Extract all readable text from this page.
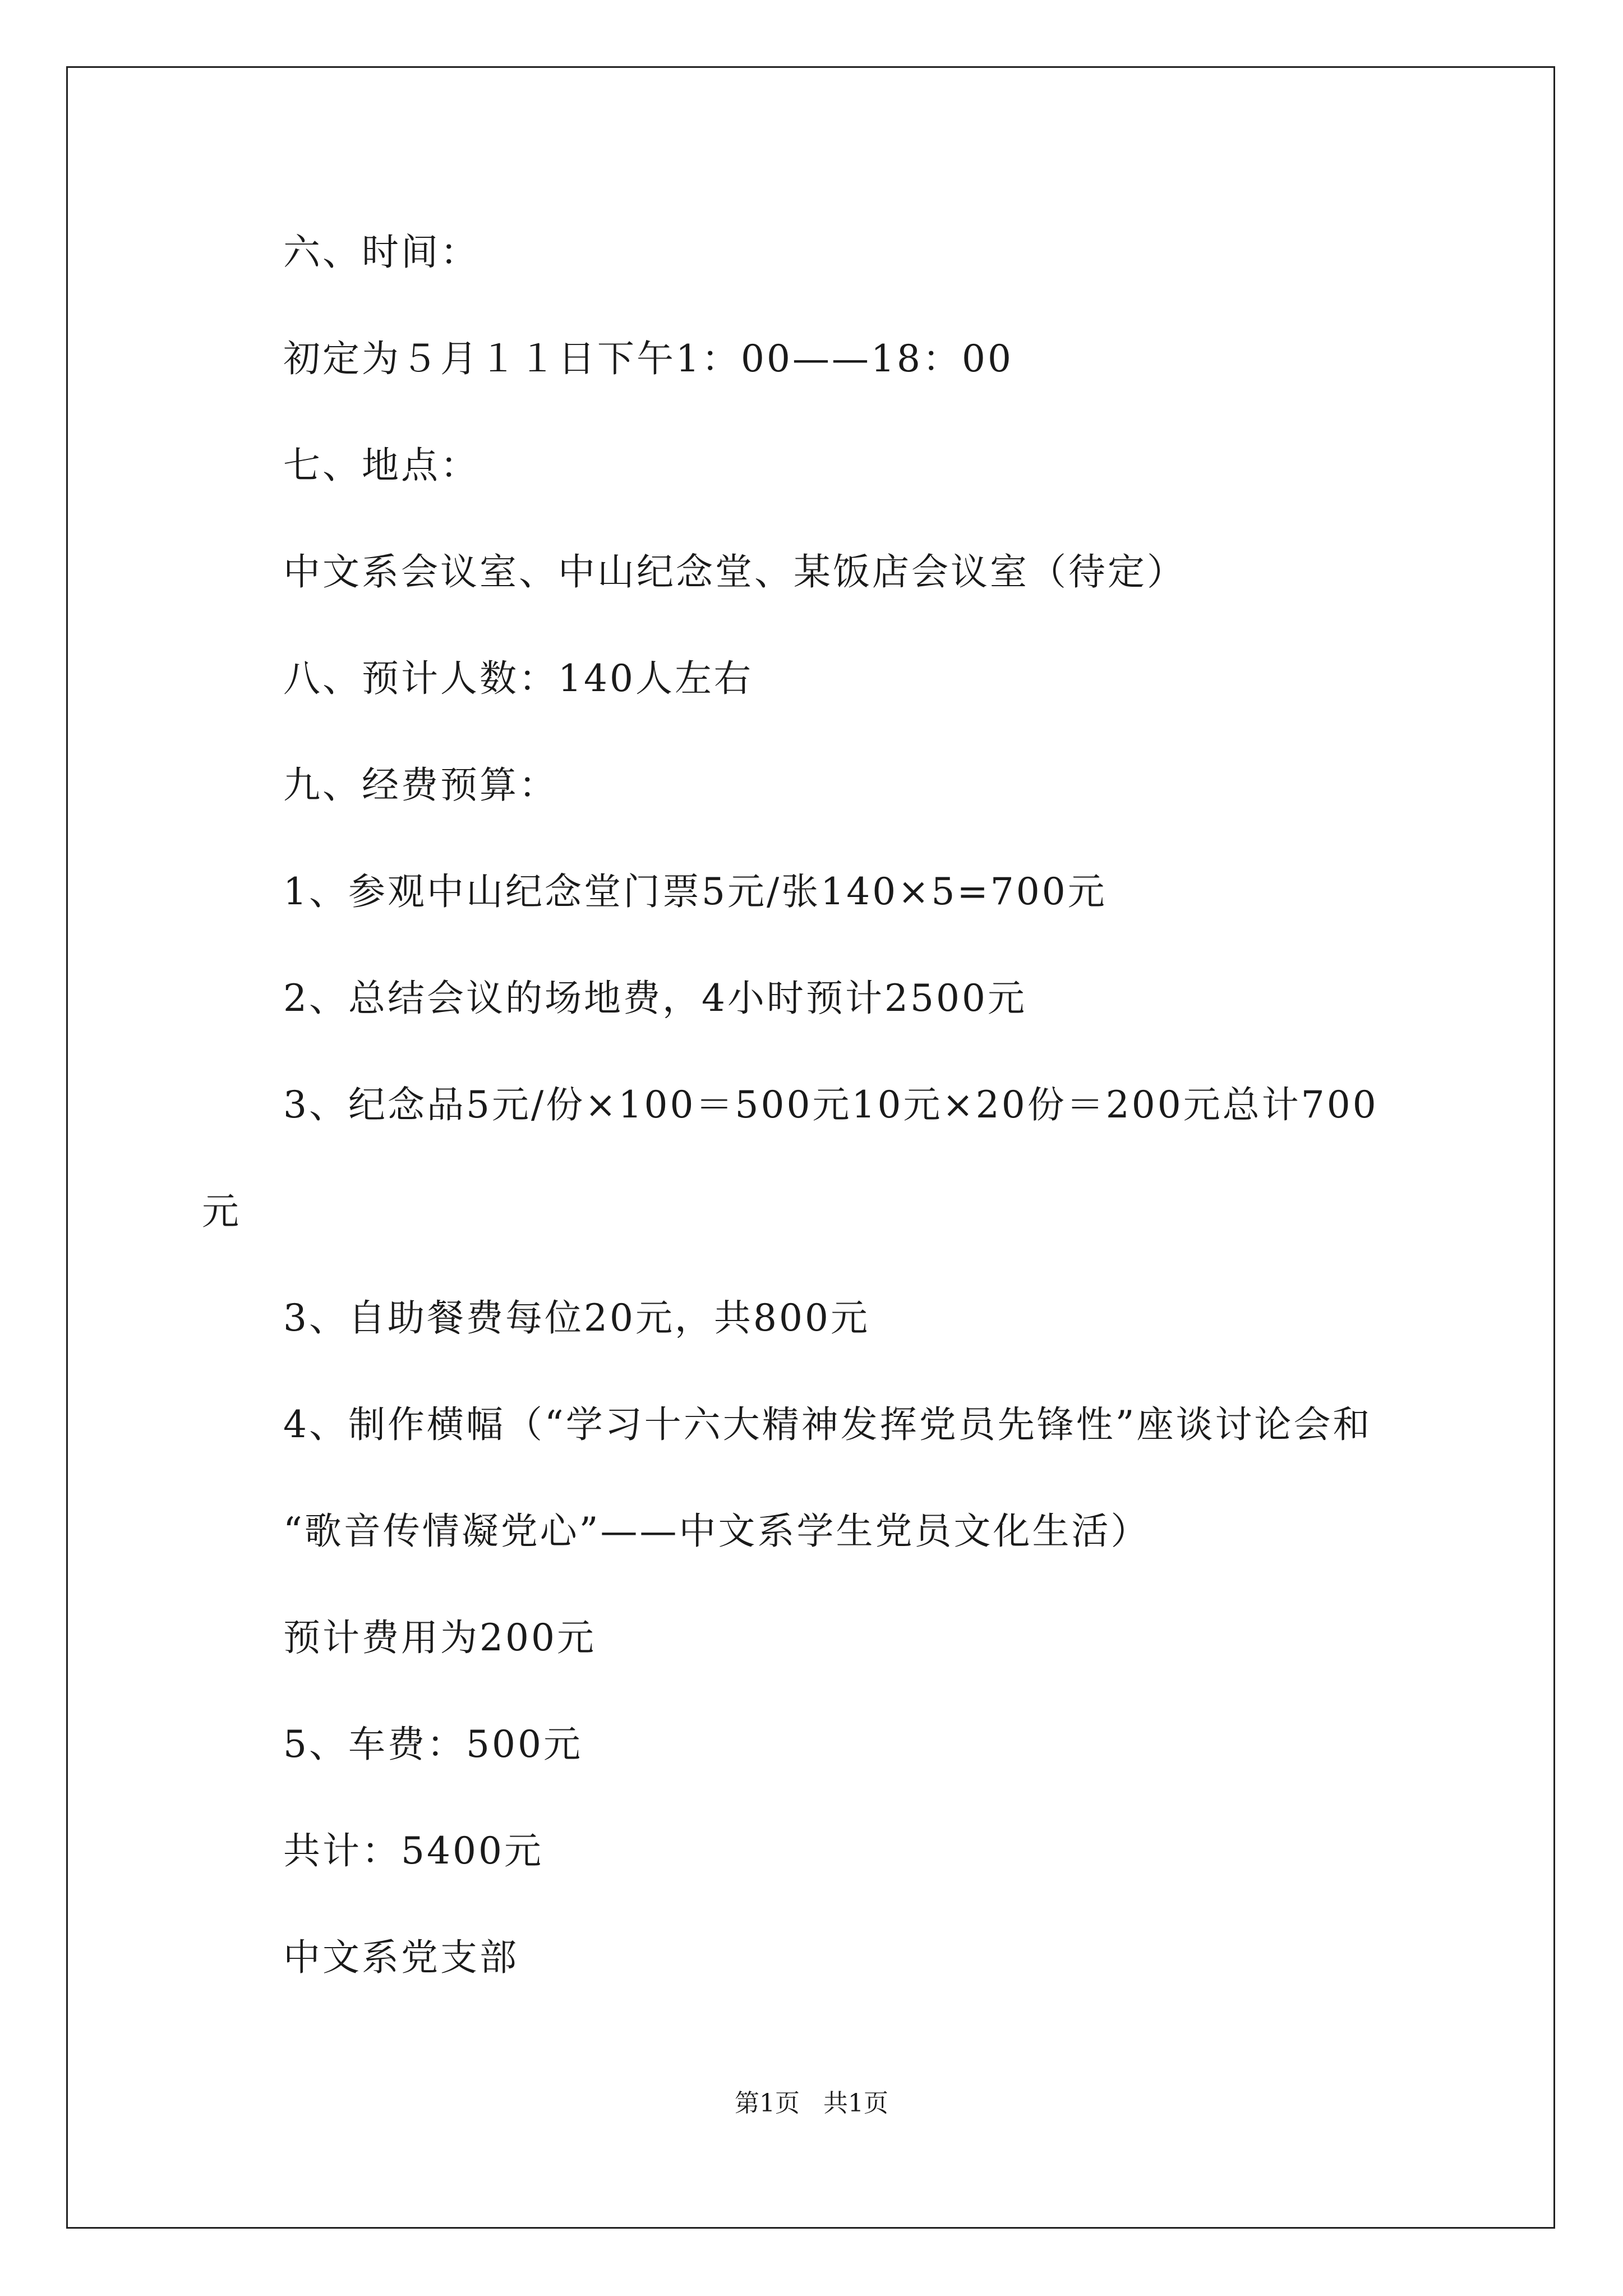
六、时间：
初定为５月１１日下午1：00——18：00
七、地点：
中文系会议室、中山纪念堂、某饭店会议室（待定）
八、预计人数：140人左右
九、经费预算：
1、参观中山纪念堂门票5元/张140×5=700元
2、总结会议的场地费，4小时预计2500元
3、纪念品5元/份×100＝500元10元×20份＝200元总计700
元
3、自助餐费每位20元，共800元
4、制作横幅（“学习十六大精神发挥党员先锋性”座谈讨论会和
“歌音传情凝党心”——中文系学生党员文化生活）
预计费用为200元
5、车费：500元
共计：5400元
中文系党支部
第1页 共1页
